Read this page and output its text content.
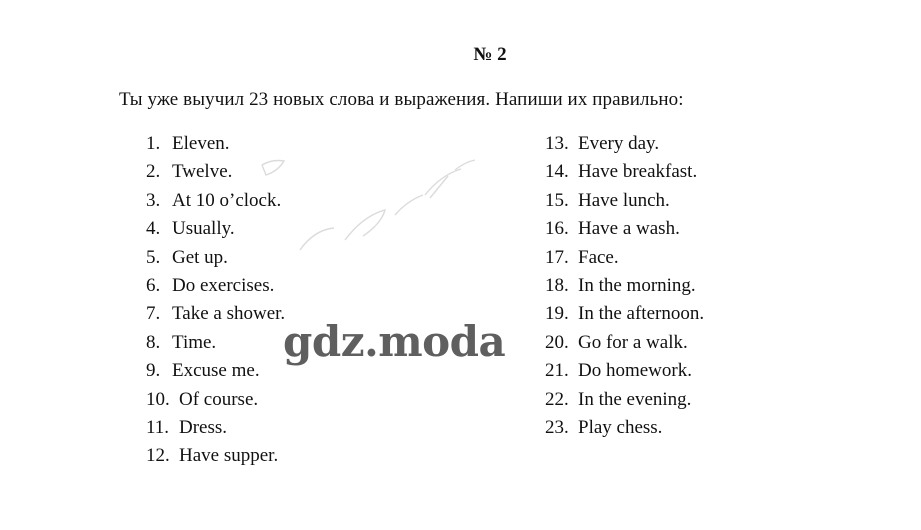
№ 2
Ты уже выучил 23 новых слова и выражения. Напиши их правильно:
1. Eleven.
2. Twelve.
3. At 10 o’clock.
4. Usually.
5. Get up.
6. Do exercises.
7. Take a shower.
8. Time.
9. Excuse me.
10. Of course.
11. Dress.
12. Have supper.
13. Every day.
14. Have breakfast.
15. Have lunch.
16. Have a wash.
17. Face.
18. In the morning.
19. In the afternoon.
20. Go for a walk.
21. Do homework.
22. In the evening.
23. Play chess.
gdz.moda
